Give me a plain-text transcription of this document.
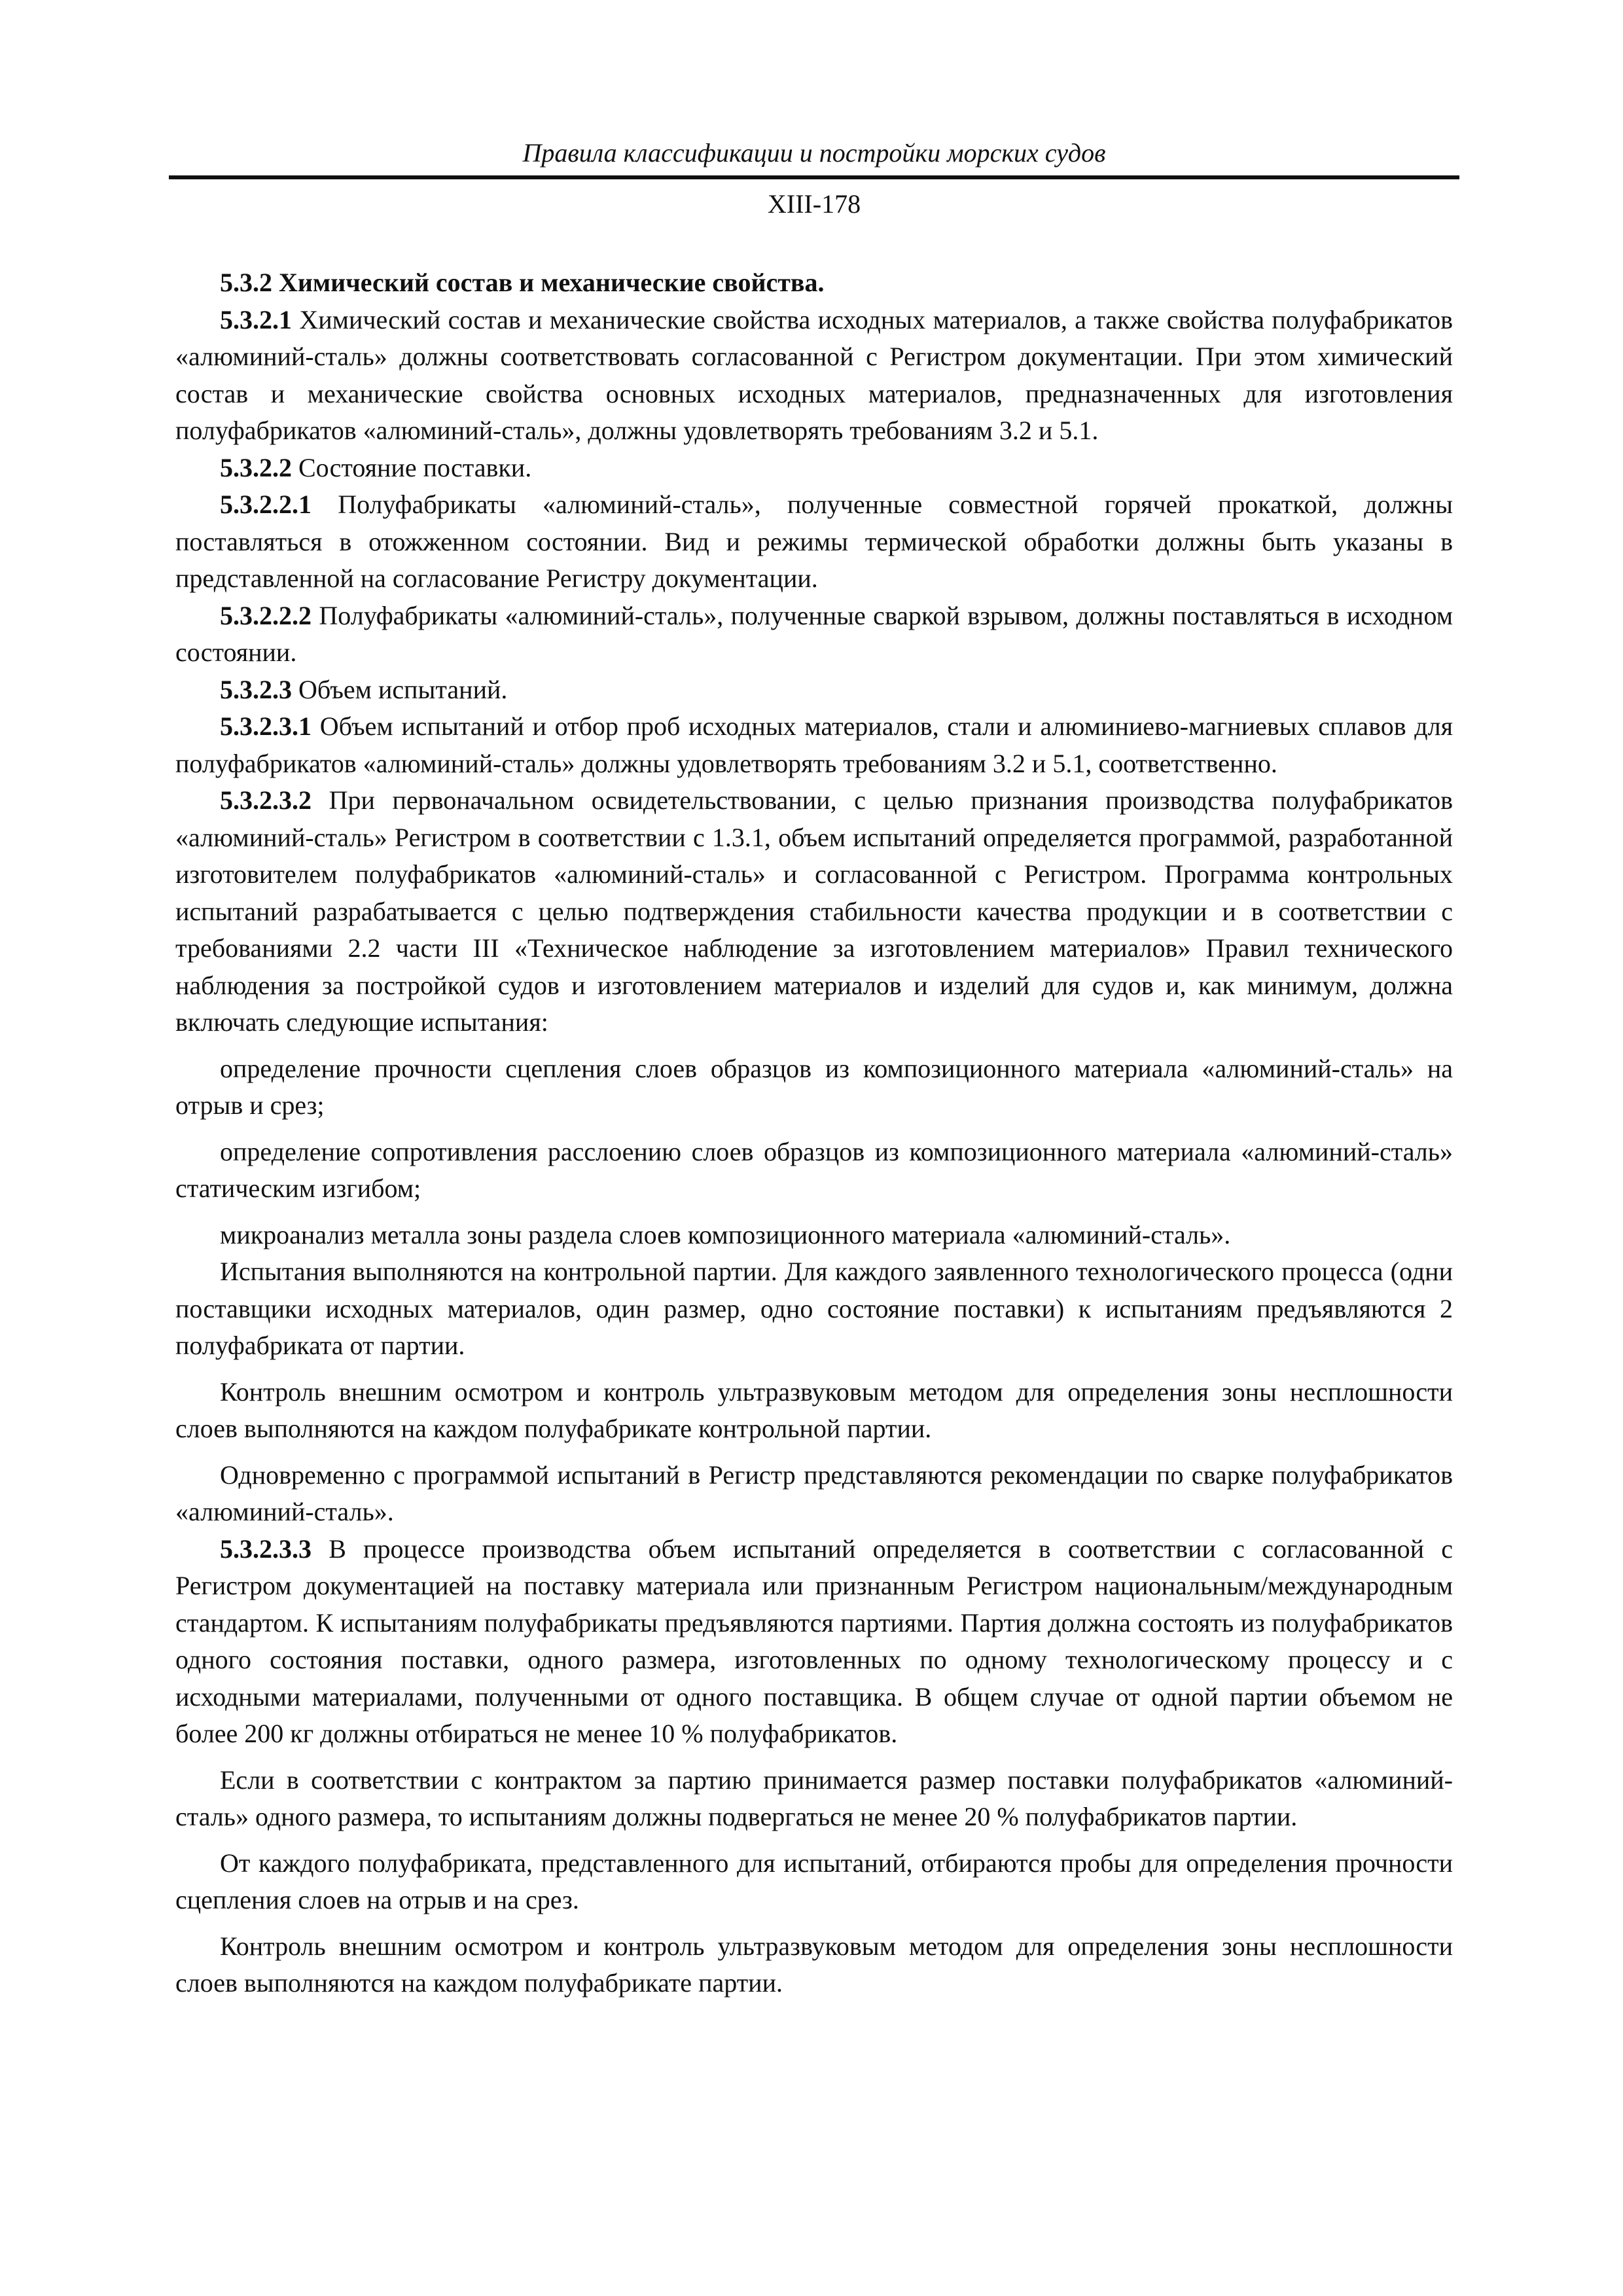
Правила классификации и постройки морских судов

XIII-178

5.3.2 Химический состав и механические свойства.

5.3.2.1 Химический состав и механические свойства исходных материалов, а также свойства полуфабрикатов «алюминий-сталь» должны соответствовать согласованной с Регистром документации. При этом химический состав и механические свойства основных исходных материалов, предназначенных для изготовления полуфабрикатов «алюминий-сталь», должны удовлетворять требованиям 3.2 и 5.1.

5.3.2.2 Состояние поставки.

5.3.2.2.1 Полуфабрикаты «алюминий-сталь», полученные совместной горячей прокаткой, должны поставляться в отожженном состоянии. Вид и режимы термической обработки должны быть указаны в представленной на согласование Регистру документации.

5.3.2.2.2 Полуфабрикаты «алюминий-сталь», полученные сваркой взрывом, должны поставляться в исходном состоянии.

5.3.2.3 Объем испытаний.

5.3.2.3.1 Объем испытаний и отбор проб исходных материалов, стали и алюминиево-магниевых сплавов для полуфабрикатов «алюминий-сталь» должны удовлетворять требованиям 3.2 и 5.1, соответственно.

5.3.2.3.2 При первоначальном освидетельствовании, с целью признания производства полуфабрикатов «алюминий-сталь» Регистром в соответствии с 1.3.1, объем испытаний определяется программой, разработанной изготовителем полуфабрикатов «алюминий-сталь» и согласованной с Регистром. Программа контрольных испытаний разрабатывается с целью подтверждения стабильности качества продукции и в соответствии с требованиями 2.2 части III «Техническое наблюдение за изготовлением материалов» Правил технического наблюдения за постройкой судов и изготовлением материалов и изделий для судов и, как минимум, должна включать следующие испытания:

определение прочности сцепления слоев образцов из композиционного материала «алюминий-сталь» на отрыв и срез;

определение сопротивления расслоению слоев образцов из композиционного материала «алюминий-сталь» статическим изгибом;

микроанализ металла зоны раздела слоев композиционного материала «алюминий-сталь».

Испытания выполняются на контрольной партии. Для каждого заявленного технологического процесса (одни поставщики исходных материалов, один размер, одно состояние поставки) к испытаниям предъявляются 2 полуфабриката от партии.

Контроль внешним осмотром и контроль ультразвуковым методом для определения зоны несплошности слоев выполняются на каждом полуфабрикате контрольной партии.

Одновременно с программой испытаний в Регистр представляются рекомендации по сварке полуфабрикатов «алюминий-сталь».

5.3.2.3.3 В процессе производства объем испытаний определяется в соответствии с согласованной с Регистром документацией на поставку материала или признанным Регистром национальным/международным стандартом. К испытаниям полуфабрикаты предъявляются партиями. Партия должна состоять из полуфабрикатов одного состояния поставки, одного размера, изготовленных по одному технологическому процессу и с исходными материалами, полученными от одного поставщика. В общем случае от одной партии объемом не более 200 кг должны отбираться не менее 10 % полуфабрикатов.

Если в соответствии с контрактом за партию принимается размер поставки полуфабрикатов «алюминий-сталь» одного размера, то испытаниям должны подвергаться не менее 20 % полуфабрикатов партии.

От каждого полуфабриката, представленного для испытаний, отбираются пробы для определения прочности сцепления слоев на отрыв и на срез.

Контроль внешним осмотром и контроль ультразвуковым методом для определения зоны несплошности слоев выполняются на каждом полуфабрикате партии.
